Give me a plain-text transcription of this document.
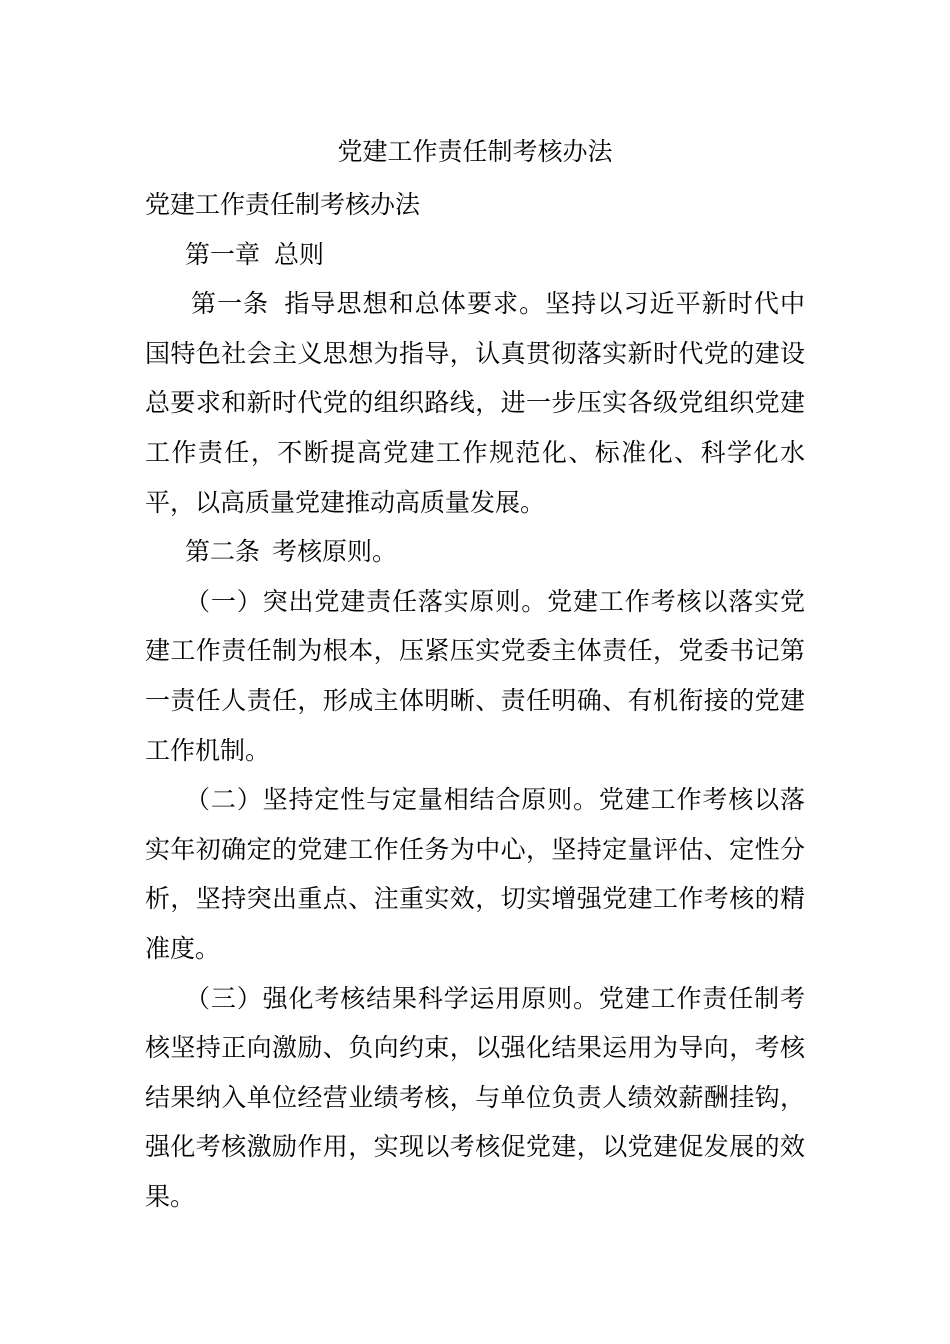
党建工作责任制考核办法

党建工作责任制考核办法

第一章 总则

第一条 指导思想和总体要求。坚持以习近平新时代中国特色社会主义思想为指导，认真贯彻落实新时代党的建设总要求和新时代党的组织路线，进一步压实各级党组织党建工作责任，不断提高党建工作规范化、标准化、科学化水平，以高质量党建推动高质量发展。

第二条 考核原则。

（一）突出党建责任落实原则。党建工作考核以落实党建工作责任制为根本，压紧压实党委主体责任，党委书记第一责任人责任，形成主体明晰、责任明确、有机衔接的党建工作机制。

（二）坚持定性与定量相结合原则。党建工作考核以落实年初确定的党建工作任务为中心，坚持定量评估、定性分析，坚持突出重点、注重实效，切实增强党建工作考核的精准度。

（三）强化考核结果科学运用原则。党建工作责任制考核坚持正向激励、负向约束，以强化结果运用为导向，考核结果纳入单位经营业绩考核，与单位负责人绩效薪酬挂钩，强化考核激励作用，实现以考核促党建，以党建促发展的效果。
